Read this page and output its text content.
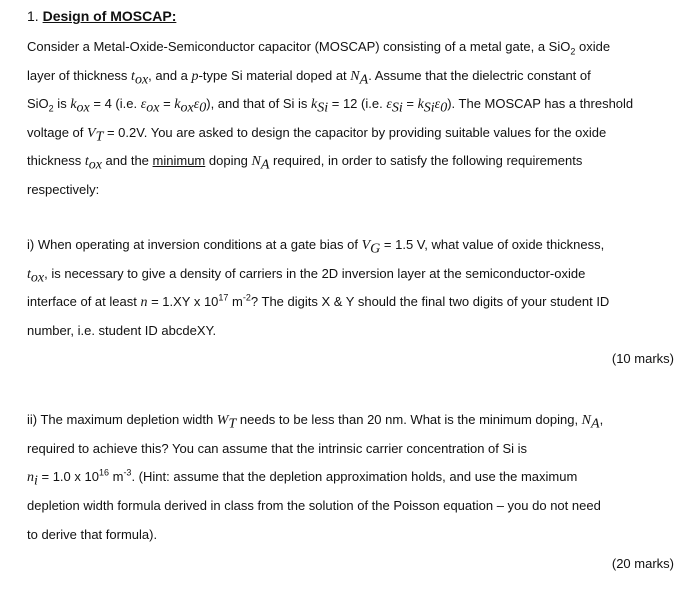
1. Design of MOSCAP:
Consider a Metal-Oxide-Semiconductor capacitor (MOSCAP) consisting of a metal gate, a SiO$_2$ oxide
layer of thickness $t_{ox}$, and a p-type Si material doped at $N_A$. Assume that the dielectric constant of
SiO$_2$ is $k_{ox} = 4$ (i.e. $\varepsilon_{ox} = k_{ox}\varepsilon_0$), and that of Si is $k_{Si} = 12$ (i.e. $\varepsilon_{Si} = k_{Si}\varepsilon_0$). The MOSCAP has a threshold
voltage of $V_T = 0.2V$. You are asked to design the capacitor by providing suitable values for the oxide
thickness $t_{ox}$ and the minimum doping $N_A$ required, in order to satisfy the following requirements
respectively:
i) When operating at inversion conditions at a gate bias of $V_G = 1.5$ V, what value of oxide thickness,
$t_{ox}$, is necessary to give a density of carriers in the 2D inversion layer at the semiconductor-oxide
interface of at least n = 1.XY x $10^{17}$ $m^{-2}$? The digits X & Y should the final two digits of your student ID
number, i.e. student ID abcdeXY.
(10 marks)
ii) The maximum depletion width $W_T$ needs to be less than 20 nm. What is the minimum doping, $N_A$,
required to achieve this? You can assume that the intrinsic carrier concentration of Si is
$n_i = 1.0$ x $10^{16}$ $m^{-3}$. (Hint: assume that the depletion approximation holds, and use the maximum
depletion width formula derived in class from the solution of the Poisson equation – you do not need
to derive that formula).
(20 marks)
